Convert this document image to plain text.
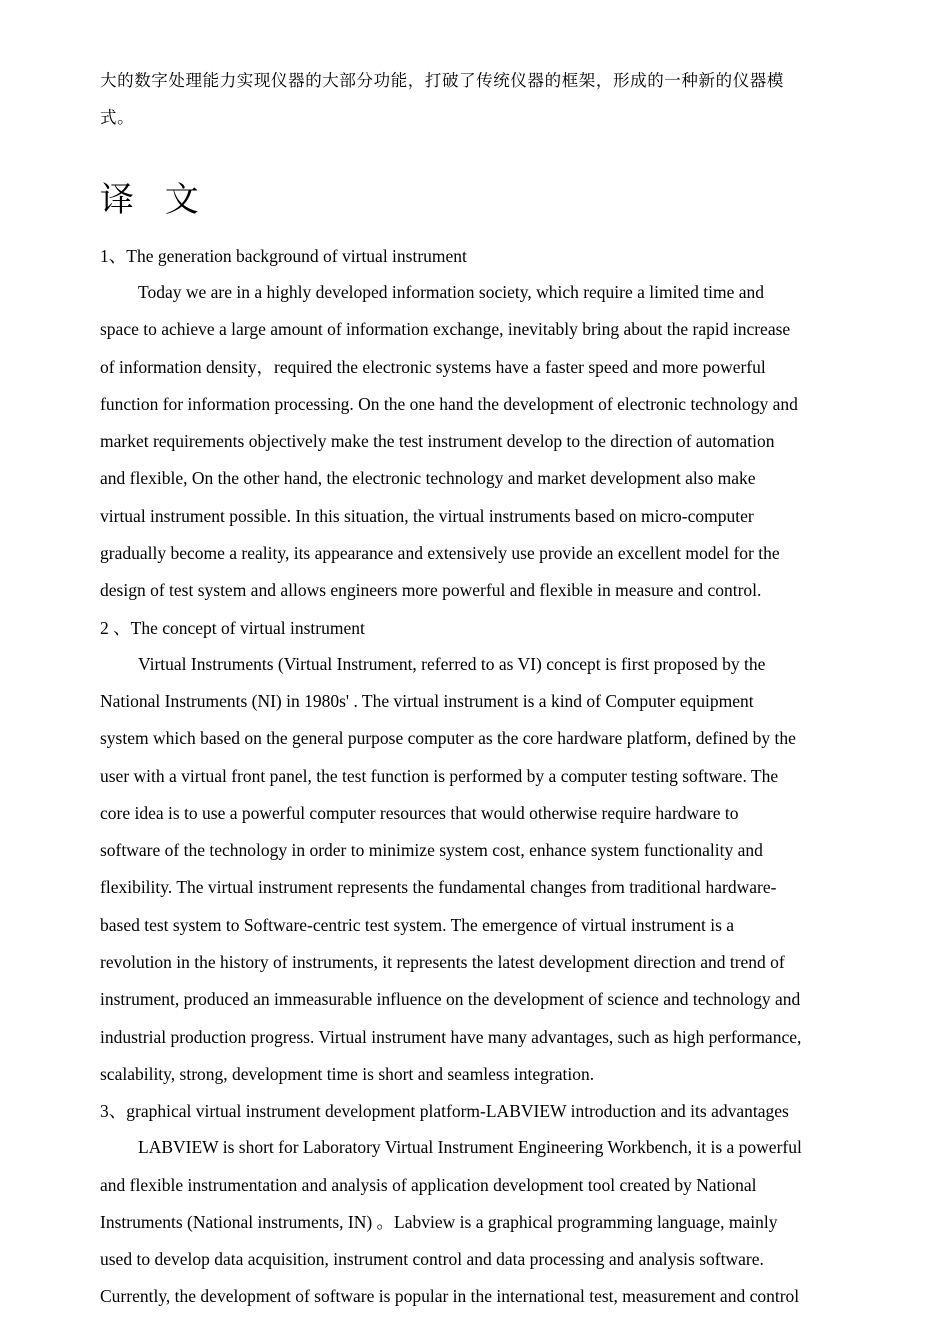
大的数字处理能力实现仪器的大部分功能，打破了传统仪器的框架，形成的一种新的仪器模
式。

译 文
1、The generation background of virtual instrument

Today we are in a highly developed information society, which require a limited time and
space to achieve a large amount of information exchange, inevitably bring about the rapid increase
of information density，required the electronic systems have a faster speed and more powerful
function for information processing. On the one hand the development of electronic technology and
market requirements objectively make the test instrument develop to the direction of automation
and flexible, On the other hand, the electronic technology and market development also make
virtual instrument possible. In this situation, the virtual instruments based on micro-computer
gradually become a reality, its appearance and extensively use provide an excellent model for the
design of test system and allows engineers more powerful and flexible in measure and control.

2 、The concept of virtual instrument

Virtual Instruments (Virtual Instrument, referred to as VI) concept is first proposed by the
National Instruments (NI) in 1980s' . The virtual instrument is a kind of Computer equipment
system which based on the general purpose computer as the core hardware platform, defined by the
user with a virtual front panel, the test function is performed by a computer testing software. The
core idea is to use a powerful computer resources that would otherwise require hardware to
software of the technology in order to minimize system cost, enhance system functionality and
flexibility. The virtual instrument represents the fundamental changes from traditional hardware-
based test system to Software-centric test system. The emergence of virtual instrument is a
revolution in the history of instruments, it represents the latest development direction and trend of
instrument, produced an immeasurable influence on the development of science and technology and
industrial production progress. Virtual instrument have many advantages, such as high performance,
scalability, strong, development time is short and seamless integration.

3、graphical virtual instrument development platform-LABVIEW introduction and its advantages

LABVIEW is short for Laboratory Virtual Instrument Engineering Workbench, it is a powerful
and flexible instrumentation and analysis of application development tool created by National
Instruments (National instruments, IN) 。Labview is a graphical programming language, mainly
used to develop data acquisition, instrument control and data processing and analysis software.
Currently, the development of software is popular in the international test, measurement and control
